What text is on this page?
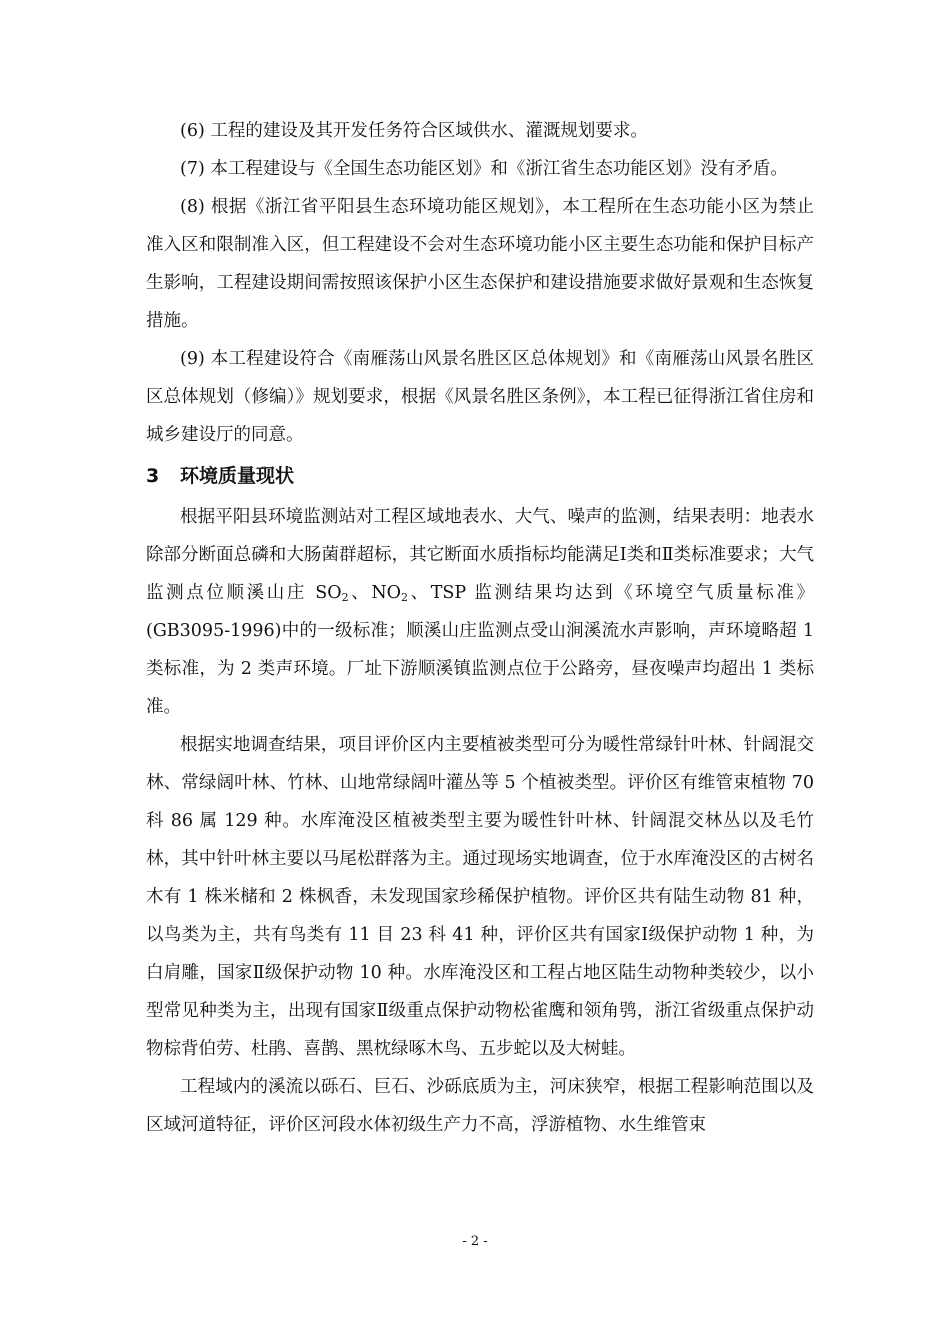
(6) 工程的建设及其开发任务符合区域供水、灌溉规划要求。

(7) 本工程建设与《全国生态功能区划》和《浙江省生态功能区划》没有矛盾。

(8) 根据《浙江省平阳县生态环境功能区规划》，本工程所在生态功能小区为禁止准入区和限制准入区，但工程建设不会对生态环境功能小区主要生态功能和保护目标产生影响，工程建设期间需按照该保护小区生态保护和建设措施要求做好景观和生态恢复措施。

(9) 本工程建设符合《南雁荡山风景名胜区区总体规划》和《南雁荡山风景名胜区区总体规划（修编）》规划要求，根据《风景名胜区条例》，本工程已征得浙江省住房和城乡建设厅的同意。

3 环境质量现状

根据平阳县环境监测站对工程区域地表水、大气、噪声的监测，结果表明：地表水除部分断面总磷和大肠菌群超标，其它断面水质指标均能满足Ⅰ类和Ⅱ类标准要求；大气监测点位顺溪山庄 $SO_2$、$NO_2$、TSP 监测结果均达到《环境空气质量标准》(GB3095-1996)中的一级标准；顺溪山庄监测点受山涧溪流水声影响，声环境略超 1 类标准，为 2 类声环境。厂址下游顺溪镇监测点位于公路旁，昼夜噪声均超出 1 类标准。

根据实地调查结果，项目评价区内主要植被类型可分为暖性常绿针叶林、针阔混交林、常绿阔叶林、竹林、山地常绿阔叶灌丛等 5 个植被类型。评价区有维管束植物 70 科 86 属 129 种。水库淹没区植被类型主要为暖性针叶林、针阔混交林丛以及毛竹林，其中针叶林主要以马尾松群落为主。通过现场实地调查，位于水库淹没区的古树名木有 1 株米槠和 2 株枫香，未发现国家珍稀保护植物。评价区共有陆生动物 81 种，以鸟类为主，共有鸟类有 11 目 23 科 41 种，评价区共有国家Ⅰ级保护动物 1 种，为白肩雕，国家Ⅱ级保护动物 10 种。水库淹没区和工程占地区陆生动物种类较少，以小型常见种类为主，出现有国家Ⅱ级重点保护动物松雀鹰和领角鸮，浙江省级重点保护动物棕背伯劳、杜鹃、喜鹊、黑枕绿啄木鸟、五步蛇以及大树蛙。

工程域内的溪流以砾石、巨石、沙砾底质为主，河床狭窄，根据工程影响范围以及区域河道特征，评价区河段水体初级生产力不高，浮游植物、水生维管束

- 2 -
